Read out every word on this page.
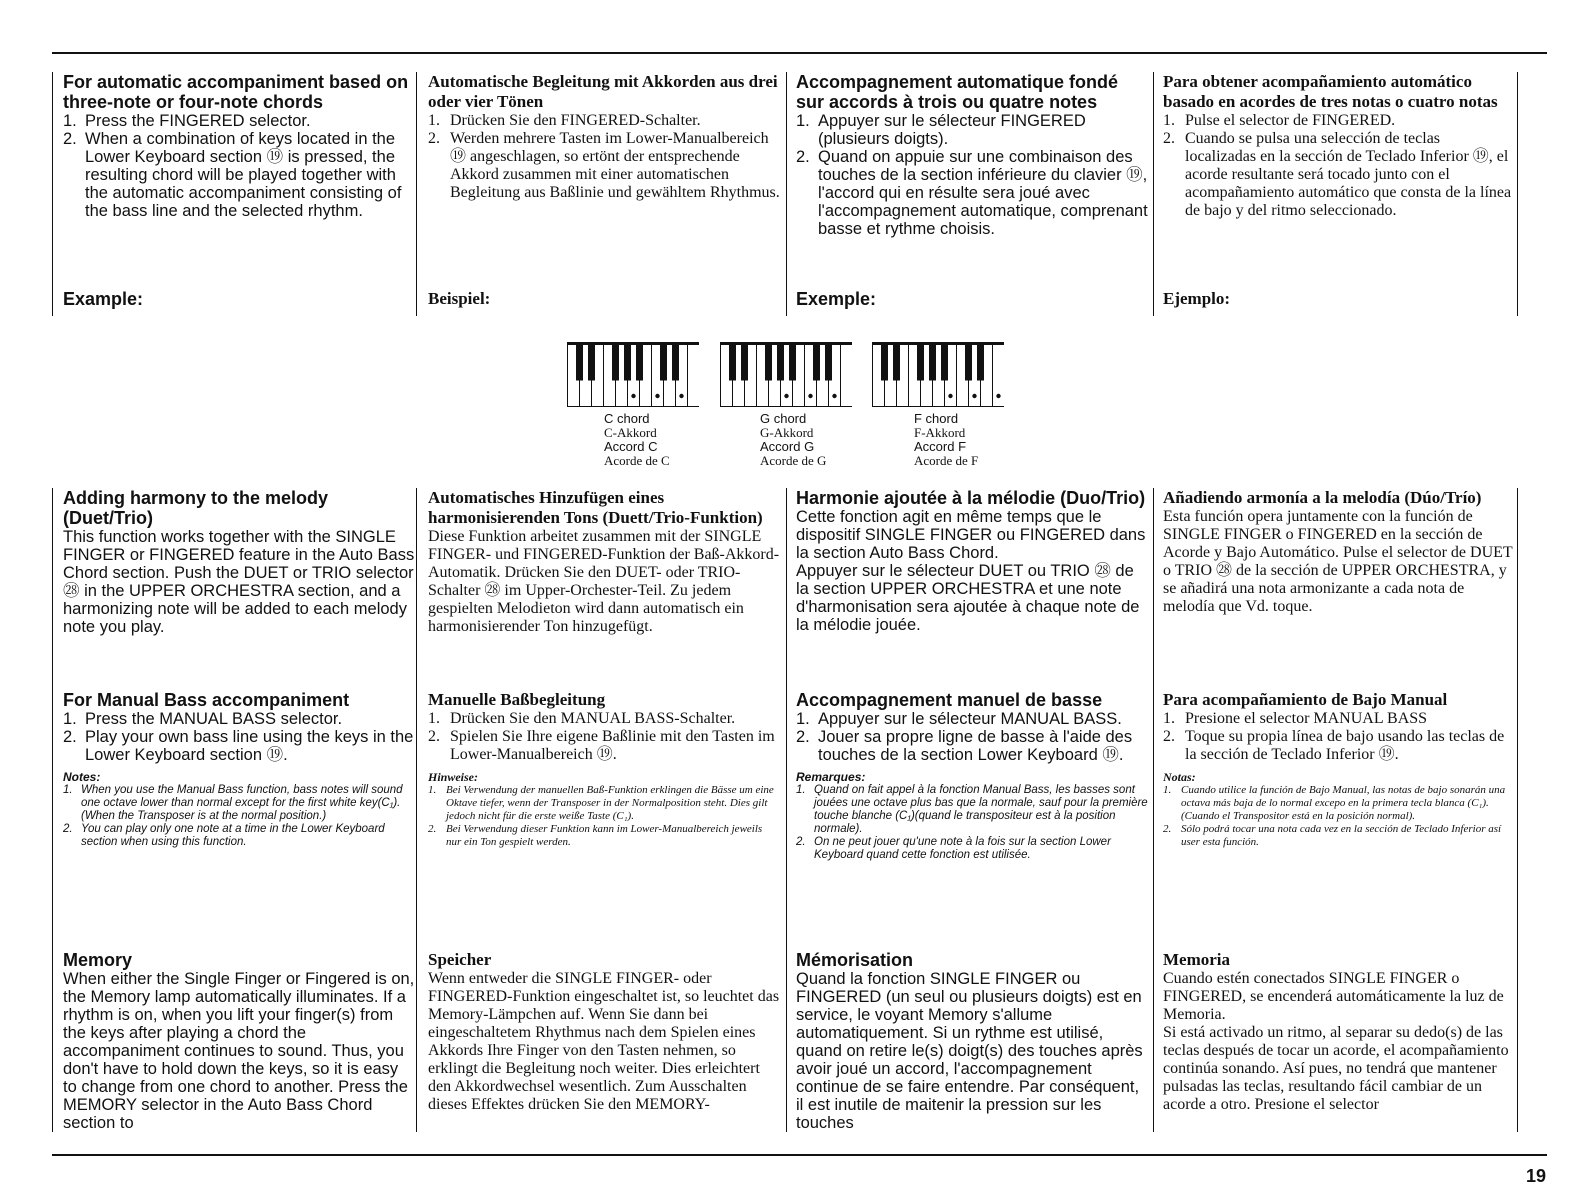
For automatic accompaniment based on three-note or four-note chords

1. Press the FINGERED selector.
2. When a combination of keys located in the Lower Keyboard section ⑲ is pressed, the resulting chord will be played together with the automatic accompaniment consisting of the bass line and the selected rhythm.
Example:

Adding harmony to the melody (Duet/Trio)

This function works together with the SINGLE FINGER or FINGERED feature in the Auto Bass Chord section. Push the DUET or TRIO selector ㉘ in the UPPER ORCHESTRA section, and a harmonizing note will be added to each melody note you play.

For Manual Bass accompaniment

1. Press the MANUAL BASS selector.
2. Play your own bass line using the keys in the Lower Keyboard section ⑲.

Notes:

1. When you use the Manual Bass function, bass notes will sound one octave lower than normal except for the first white key(C₁). (When the Transposer is at the normal position.)
2. You can play only one note at a time in the Lower Keyboard section when using this function.

Memory

When either the Single Finger or Fingered is on, the Memory lamp automatically illuminates. If a rhythm is on, when you lift your finger(s) from the keys after playing a chord the accompaniment continues to sound. Thus, you don't have to hold down the keys, so it is easy to change from one chord to another. Press the MEMORY selector in the Auto Bass Chord section to

Automatische Begleitung mit Akkorden aus drei oder vier Tönen

1. Drücken Sie den FINGERED-Schalter.
2. Werden mehrere Tasten im Lower-Manualbereich ⑲ angeschlagen, so ertönt der entsprechende Akkord zusammen mit einer automatischen Begleitung aus Baßlinie und gewähltem Rhythmus.
Beispiel:

Automatisches Hinzufügen eines harmonisierenden Tons (Duett/Trio-Funktion)

Diese Funktion arbeitet zusammen mit der SINGLE FINGER- und FINGERED-Funktion der Baß-Akkord-Automatik. Drücken Sie den DUET- oder TRIO-Schalter ㉘ im Upper-Orchester-Teil. Zu jedem gespielten Melodieton wird dann automatisch ein harmonisierender Ton hinzugefügt.

Manuelle Baßbegleitung

1. Drücken Sie den MANUAL BASS-Schalter.
2. Spielen Sie Ihre eigene Baßlinie mit den Tasten im Lower-Manualbereich ⑲.

Hinweise:

1. Bei Verwendung der manuellen Baß-Funktion erklingen die Bässe um eine Oktave tiefer, wenn der Transposer in der Normalposition steht. Dies gilt jedoch nicht für die erste weiße Taste (C₁).
2. Bei Verwendung dieser Funktion kann im Lower-Manualbereich jeweils nur ein Ton gespielt werden.

Speicher

Wenn entweder die SINGLE FINGER- oder FINGERED-Funktion eingeschaltet ist, so leuchtet das Memory-Lämpchen auf. Wenn Sie dann bei eingeschaltetem Rhythmus nach dem Spielen eines Akkords Ihre Finger von den Tasten nehmen, so erklingt die Begleitung noch weiter. Dies erleichtert den Akkordwechsel wesentlich. Zum Ausschalten dieses Effektes drücken Sie den MEMORY-

Accompagnement automatique fondé sur accords à trois ou quatre notes

1. Appuyer sur le sélecteur FINGERED (plusieurs doigts).
2. Quand on appuie sur une combinaison des touches de la section inférieure du clavier ⑲, l'accord qui en résulte sera joué avec l'accompagnement automatique, comprenant basse et rythme choisis.
Exemple:

Harmonie ajoutée à la mélodie (Duo/Trio)

Cette fonction agit en même temps que le dispositif SINGLE FINGER ou FINGERED dans la section Auto Bass Chord.
Appuyer sur le sélecteur DUET ou TRIO ㉘ de la section UPPER ORCHESTRA et une note d'harmonisation sera ajoutée à chaque note de la mélodie jouée.

Accompagnement manuel de basse

1. Appuyer sur le sélecteur MANUAL BASS.
2. Jouer sa propre ligne de basse à l'aide des touches de la section Lower Keyboard ⑲.

Remarques:

1. Quand on fait appel à la fonction Manual Bass, les basses sont jouées une octave plus bas que la normale, sauf pour la première touche blanche (C₁)(quand le transpositeur est à la position normale).
2. On ne peut jouer qu'une note à la fois sur la section Lower Keyboard quand cette fonction est utilisée.

Mémorisation

Quand la fonction SINGLE FINGER ou FINGERED (un seul ou plusieurs doigts) est en service, le voyant Memory s'allume automatiquement. Si un rythme est utilisé, quand on retire le(s) doigt(s) des touches après avoir joué un accord, l'accompagnement continue de se faire entendre. Par conséquent, il est inutile de maitenir la pression sur les touches

Para obtener acompañamiento automático basado en acordes de tres notas o cuatro notas

1. Pulse el selector de FINGERED.
2. Cuando se pulsa una selección de teclas localizadas en la sección de Teclado Inferior ⑲, el acorde resultante será tocado junto con el acompañamiento automático que consta de la línea de bajo y del ritmo seleccionado.
Ejemplo:

Añadiendo armonía a la melodía (Dúo/Trío)

Esta función opera juntamente con la función de SINGLE FINGER o FINGERED en la sección de Acorde y Bajo Automático. Pulse el selector de DUET o TRIO ㉘ de la sección de UPPER ORCHESTRA, y se añadirá una nota armonizante a cada nota de melodía que Vd. toque.

Para acompañamiento de Bajo Manual

1. Presione el selector MANUAL BASS
2. Toque su propia línea de bajo usando las teclas de la sección de Teclado Inferior ⑲.

Notas:

1. Cuando utilice la función de Bajo Manual, las notas de bajo sonarán una octava más baja de lo normal excepo en la primera tecla blanca (C₁). (Cuando el Transpositor está en la posición normal).
2. Sólo podrá tocar una nota cada vez en la sección de Teclado Inferior así user esta función.

Memoria

Cuando estén conectados SINGLE FINGER o FINGERED, se encenderá automáticamente la luz de Memoria.
Si está activado un ritmo, al separar su dedo(s) de las teclas después de tocar un acorde, el acompañamiento continúa sonando. Así pues, no tendrá que mantener pulsadas las teclas, resultando fácil cambiar de un acorde a otro. Presione el selector

C chord
C-Akkord
Accord C
Acorde de C
G chord
G-Akkord
Accord G
Acorde de G
F chord
F-Akkord
Accord F
Acorde de F
19
